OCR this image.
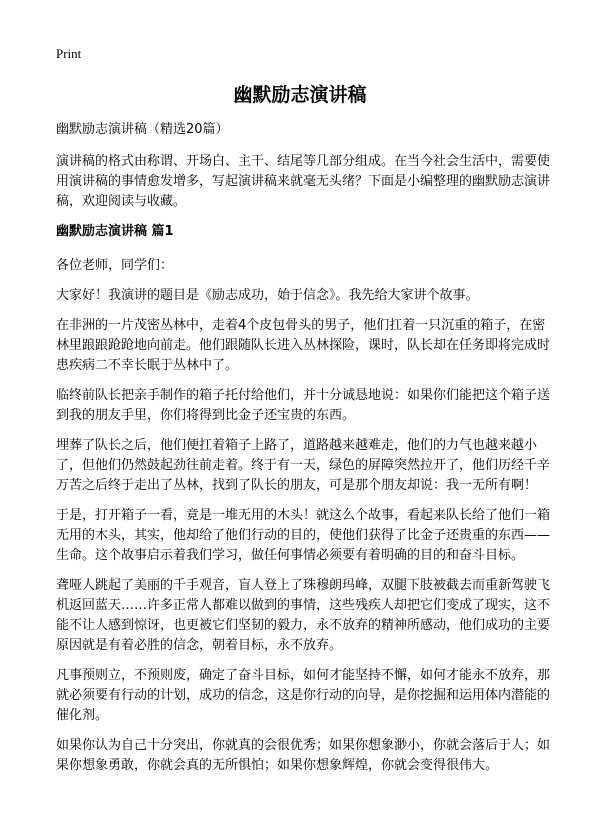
Print
幽默励志演讲稿

幽默励志演讲稿（精选20篇）

演讲稿的格式由称谓、开场白、主干、结尾等几部分组成。在当今社会生活中，需要使用演讲稿的事情愈发增多，写起演讲稿来就毫无头绪？下面是小编整理的幽默励志演讲稿，欢迎阅读与收藏。

幽默励志演讲稿 篇1

各位老师，同学们：

大家好！我演讲的题目是《励志成功，始于信念》。我先给大家讲个故事。

在非洲的一片茂密丛林中，走着4个皮包骨头的男子，他们扛着一只沉重的箱子，在密林里踉踉跄跄地向前走。他们跟随队长进入丛林探险，课时，队长却在任务即将完成时患疾病二不幸长眠于丛林中了。

临终前队长把亲手制作的箱子托付给他们，并十分诚恳地说：如果你们能把这个箱子送到我的朋友手里，你们将得到比金子还宝贵的东西。

埋葬了队长之后，他们便扛着箱子上路了，道路越来越难走，他们的力气也越来越小了，但他们仍然鼓起劲往前走着。终于有一天，绿色的屏障突然拉开了，他们历经千辛万苦之后终于走出了丛林，找到了队长的朋友，可是那个朋友却说：我一无所有啊！

于是，打开箱子一看，竟是一堆无用的木头！就这么个故事，看起来队长给了他们一箱无用的木头，其实，他却给了他们行动的目的，使他们获得了比金子还贵重的东西——生命。这个故事启示着我们学习，做任何事情必须要有着明确的目的和奋斗目标。

聋哑人跳起了美丽的千手观音，盲人登上了珠穆朗玛峰，双腿下肢被截去而重新驾驶飞机返回蓝天……许多正常人都难以做到的事情，这些残疾人却把它们变成了现实，这不能不让人感到惊讶，也更被它们坚韧的毅力，永不放弃的精神所感动，他们成功的主要原因就是有着必胜的信念，朝着目标，永不放弃。

凡事预则立，不预则废，确定了奋斗目标，如何才能坚持不懈，如何才能永不放弃，那就必须要有行动的计划，成功的信念，这是你行动的向导，是你挖掘和运用体内潜能的催化剂。

如果你认为自己十分突出，你就真的会很优秀；如果你想象渺小，你就会落后于人；如果你想象勇敢，你就会真的无所惧怕；如果你想象辉煌，你就会变得很伟大。
